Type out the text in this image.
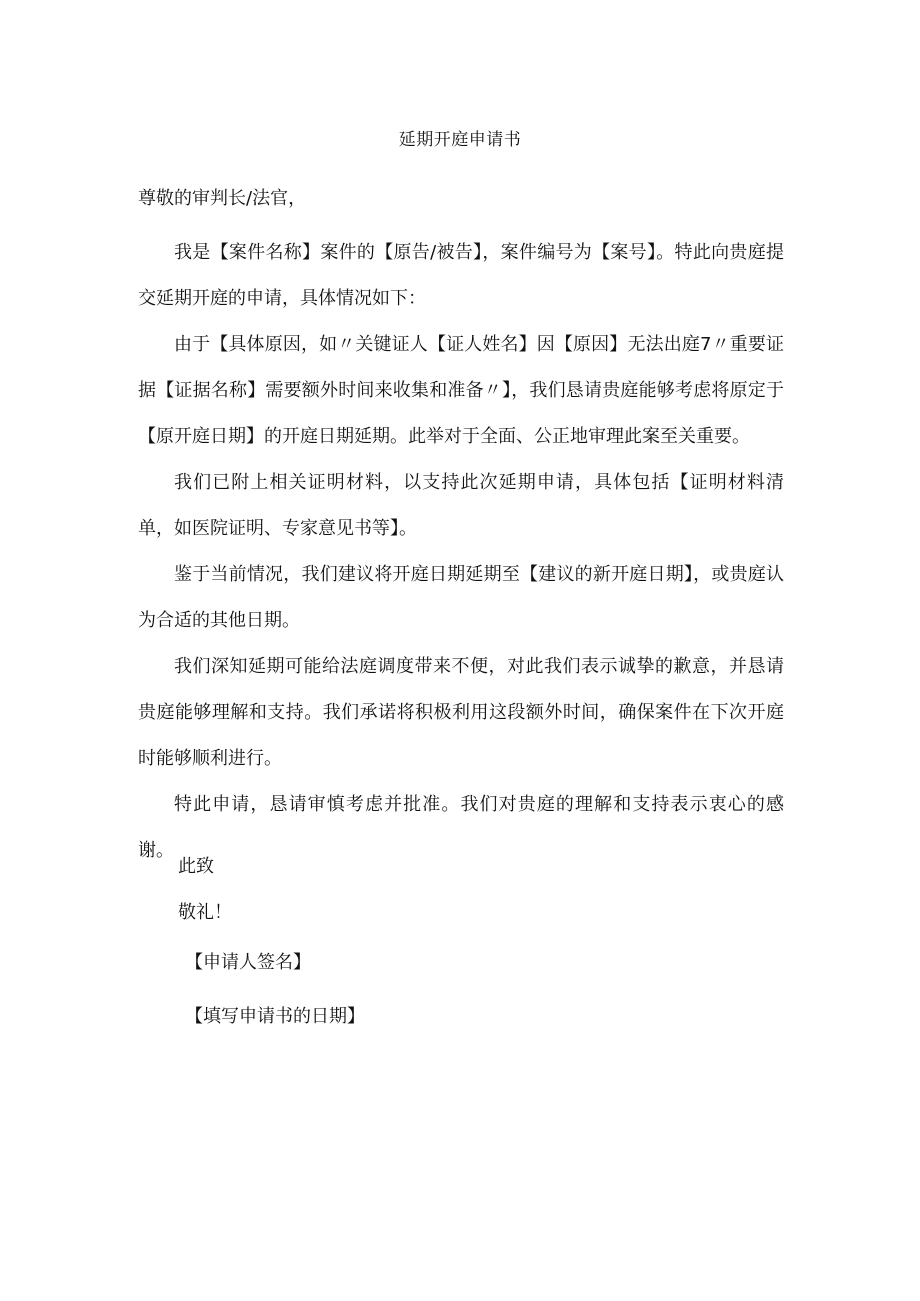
延期开庭申请书
尊敬的审判长/法官，

我是【案件名称】案件的【原告/被告】，案件编号为【案号】。特此向贵庭提交延期开庭的申请，具体情况如下：

由于【具体原因，如〃关键证人【证人姓名】因【原因】无法出庭7〃重要证据【证据名称】需要额外时间来收集和准备〃】，我们恳请贵庭能够考虑将原定于【原开庭日期】的开庭日期延期。此举对于全面、公正地审理此案至关重要。

我们已附上相关证明材料，以支持此次延期申请，具体包括【证明材料清单，如医院证明、专家意见书等】。

鉴于当前情况，我们建议将开庭日期延期至【建议的新开庭日期】，或贵庭认为合适的其他日期。

我们深知延期可能给法庭调度带来不便，对此我们表示诚挚的歉意，并恳请贵庭能够理解和支持。我们承诺将积极利用这段额外时间，确保案件在下次开庭时能够顺利进行。

特此申请，恳请审慎考虑并批准。我们对贵庭的理解和支持表示衷心的感谢。

此致
敬礼！
【申请人签名】
【填写申请书的日期】
